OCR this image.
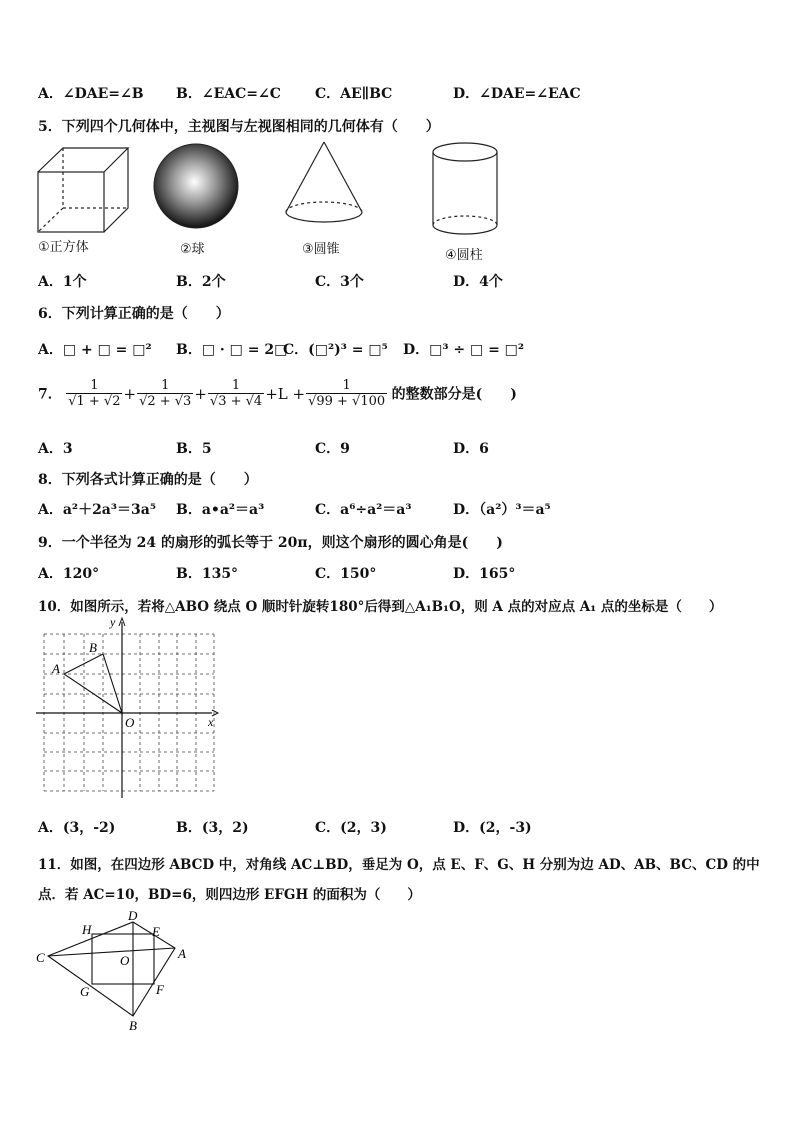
A．∠DAE=∠B B．∠EAC=∠C C．AE∥BC	D．∠DAE=∠EAC
5．下列四个几何体中，主视图与左视图相同的几何体有（　　）
①正方体	②球	③圆锥	④圆柱
A．1个	B．2个	C．3个	D．4个
6．下列计算正确的是（　　）
A．□ + □ = □² B．□ · □ = 2□
C．(□²)³ = □⁵ D．□³ ÷ □ = □²
7． $\frac{1}{√1 + √2} + \frac{1}{√2 + √3} + \frac{1}{√3 + √4} +L + \frac{1}{√99 + √100}$ 的整数部分是(　　)
A．3	B．5	C．9	D．6
8．下列各式计算正确的是（　　）
A．a²＋2a³＝3a⁵ B．a•a²＝a³	C．a⁶÷a²＝a³	D．（a²）³＝a⁵
9．一个半径为 24 的扇形的弧长等于 20π，则这个扇形的圆心角是(　　)
A．120°	B．135°	C．150°	D．165°
10．如图所示，若将△ABO 绕点 O 顺时针旋转180°后得到△A₁B₁O，则 A 点的对应点 A₁ 点的坐标是（　　）
A
B
O	x
y
A．(3，-2)	B．(3，2)	C．(2，3)	D．(2，-3)
11．如图，在四边形 ABCD 中，对角线 AC⊥BD，垂足为 O，点 E、F、G、H 分别为边 AD、AB、BC、CD 的中
点．若 AC=10，BD=6，则四边形 EFGH 的面积为（　　）
C
D
A
B
H	E
G	F
O
